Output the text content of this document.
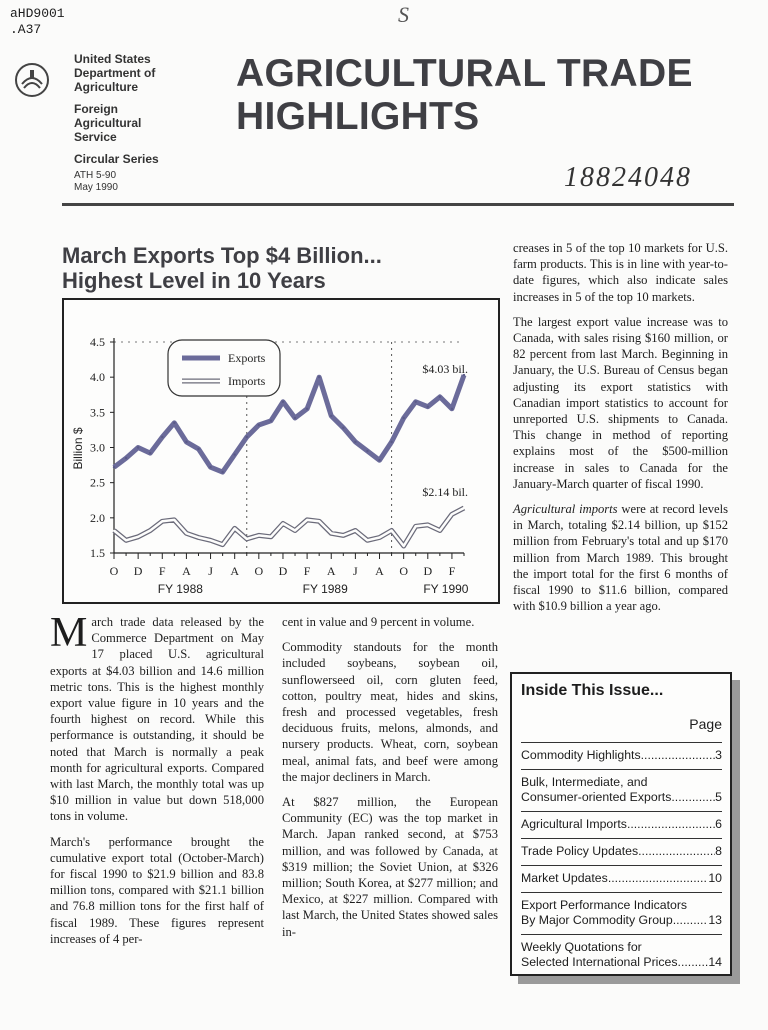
aHD9001
.A37
S
United States
Department of
Agriculture
Foreign
Agricultural
Service
Circular Series
ATH 5-90
May 1990
AGRICULTURAL TRADE
HIGHLIGHTS
18824048
March Exports Top $4 Billion...
Highest Level in 10 Years
1.5
2.0
2.5
3.0
3.5
4.0
4.5
Billion $
O D F A J A O D F A J A O D F
FY 1988	FY 1989	FY 1990
$4.03 bil.
$2.14 bil.
Exports
Imports

March trade data released by the Commerce Department on May 17 placed U.S. agricultural exports at $4.03 billion and 14.6 million metric tons. This is the highest monthly export value figure in 10 years and the fourth highest on record. While this performance is outstanding, it should be noted that March is normally a peak month for agricultural exports. Compared with last March, the monthly total was up $10 million in value but down 518,000 tons in volume.

March's performance brought the cumulative export total (October-March) for fiscal 1990 to $21.9 billion and 83.8 million tons, compared with $21.1 billion and 76.8 million tons for the first half of fiscal 1989. These figures represent increases of 4 per-

cent in value and 9 percent in volume.

Commodity standouts for the month included soybeans, soybean oil, sunflowerseed oil, corn gluten feed, cotton, poultry meat, hides and skins, fresh and processed vegetables, fresh deciduous fruits, melons, almonds, and nursery products. Wheat, corn, soybean meal, animal fats, and beef were among the major decliners in March.

At $827 million, the European Community (EC) was the top market in March. Japan ranked second, at $753 million, and was followed by Canada, at $319 million; the Soviet Union, at $326 million; South Korea, at $277 million; and Mexico, at $227 million. Compared with last March, the United States showed sales in-

creases in 5 of the top 10 markets for U.S. farm products. This is in line with year-to-date figures, which also indicate sales increases in 5 of the top 10 markets.

The largest export value increase was to Canada, with sales rising $160 million, or 82 percent from last March. Beginning in January, the U.S. Bureau of Census began adjusting its export statistics with Canadian import statistics to account for unreported U.S. shipments to Canada. This change in method of reporting explains most of the $500-million increase in sales to Canada for the January-March quarter of fiscal 1990.

Agricultural imports were at record levels in March, totaling $2.14 billion, up $152 million from February's total and up $170 million from March 1989. This brought the import total for the first 6 months of fiscal 1990 to $11.6 billion, compared with $10.9 billion a year ago.

Inside This Issue...
Page
Commodity Highlights .....	3
Bulk, Intermediate, and
Consumer-oriented Exports .....	5
Agricultural Imports .....	6
Trade Policy Updates .....	8
Market Updates .....	10
Export Performance Indicators
By Major Commodity Group .....	13
Weekly Quotations for
Selected International Prices .....	14
